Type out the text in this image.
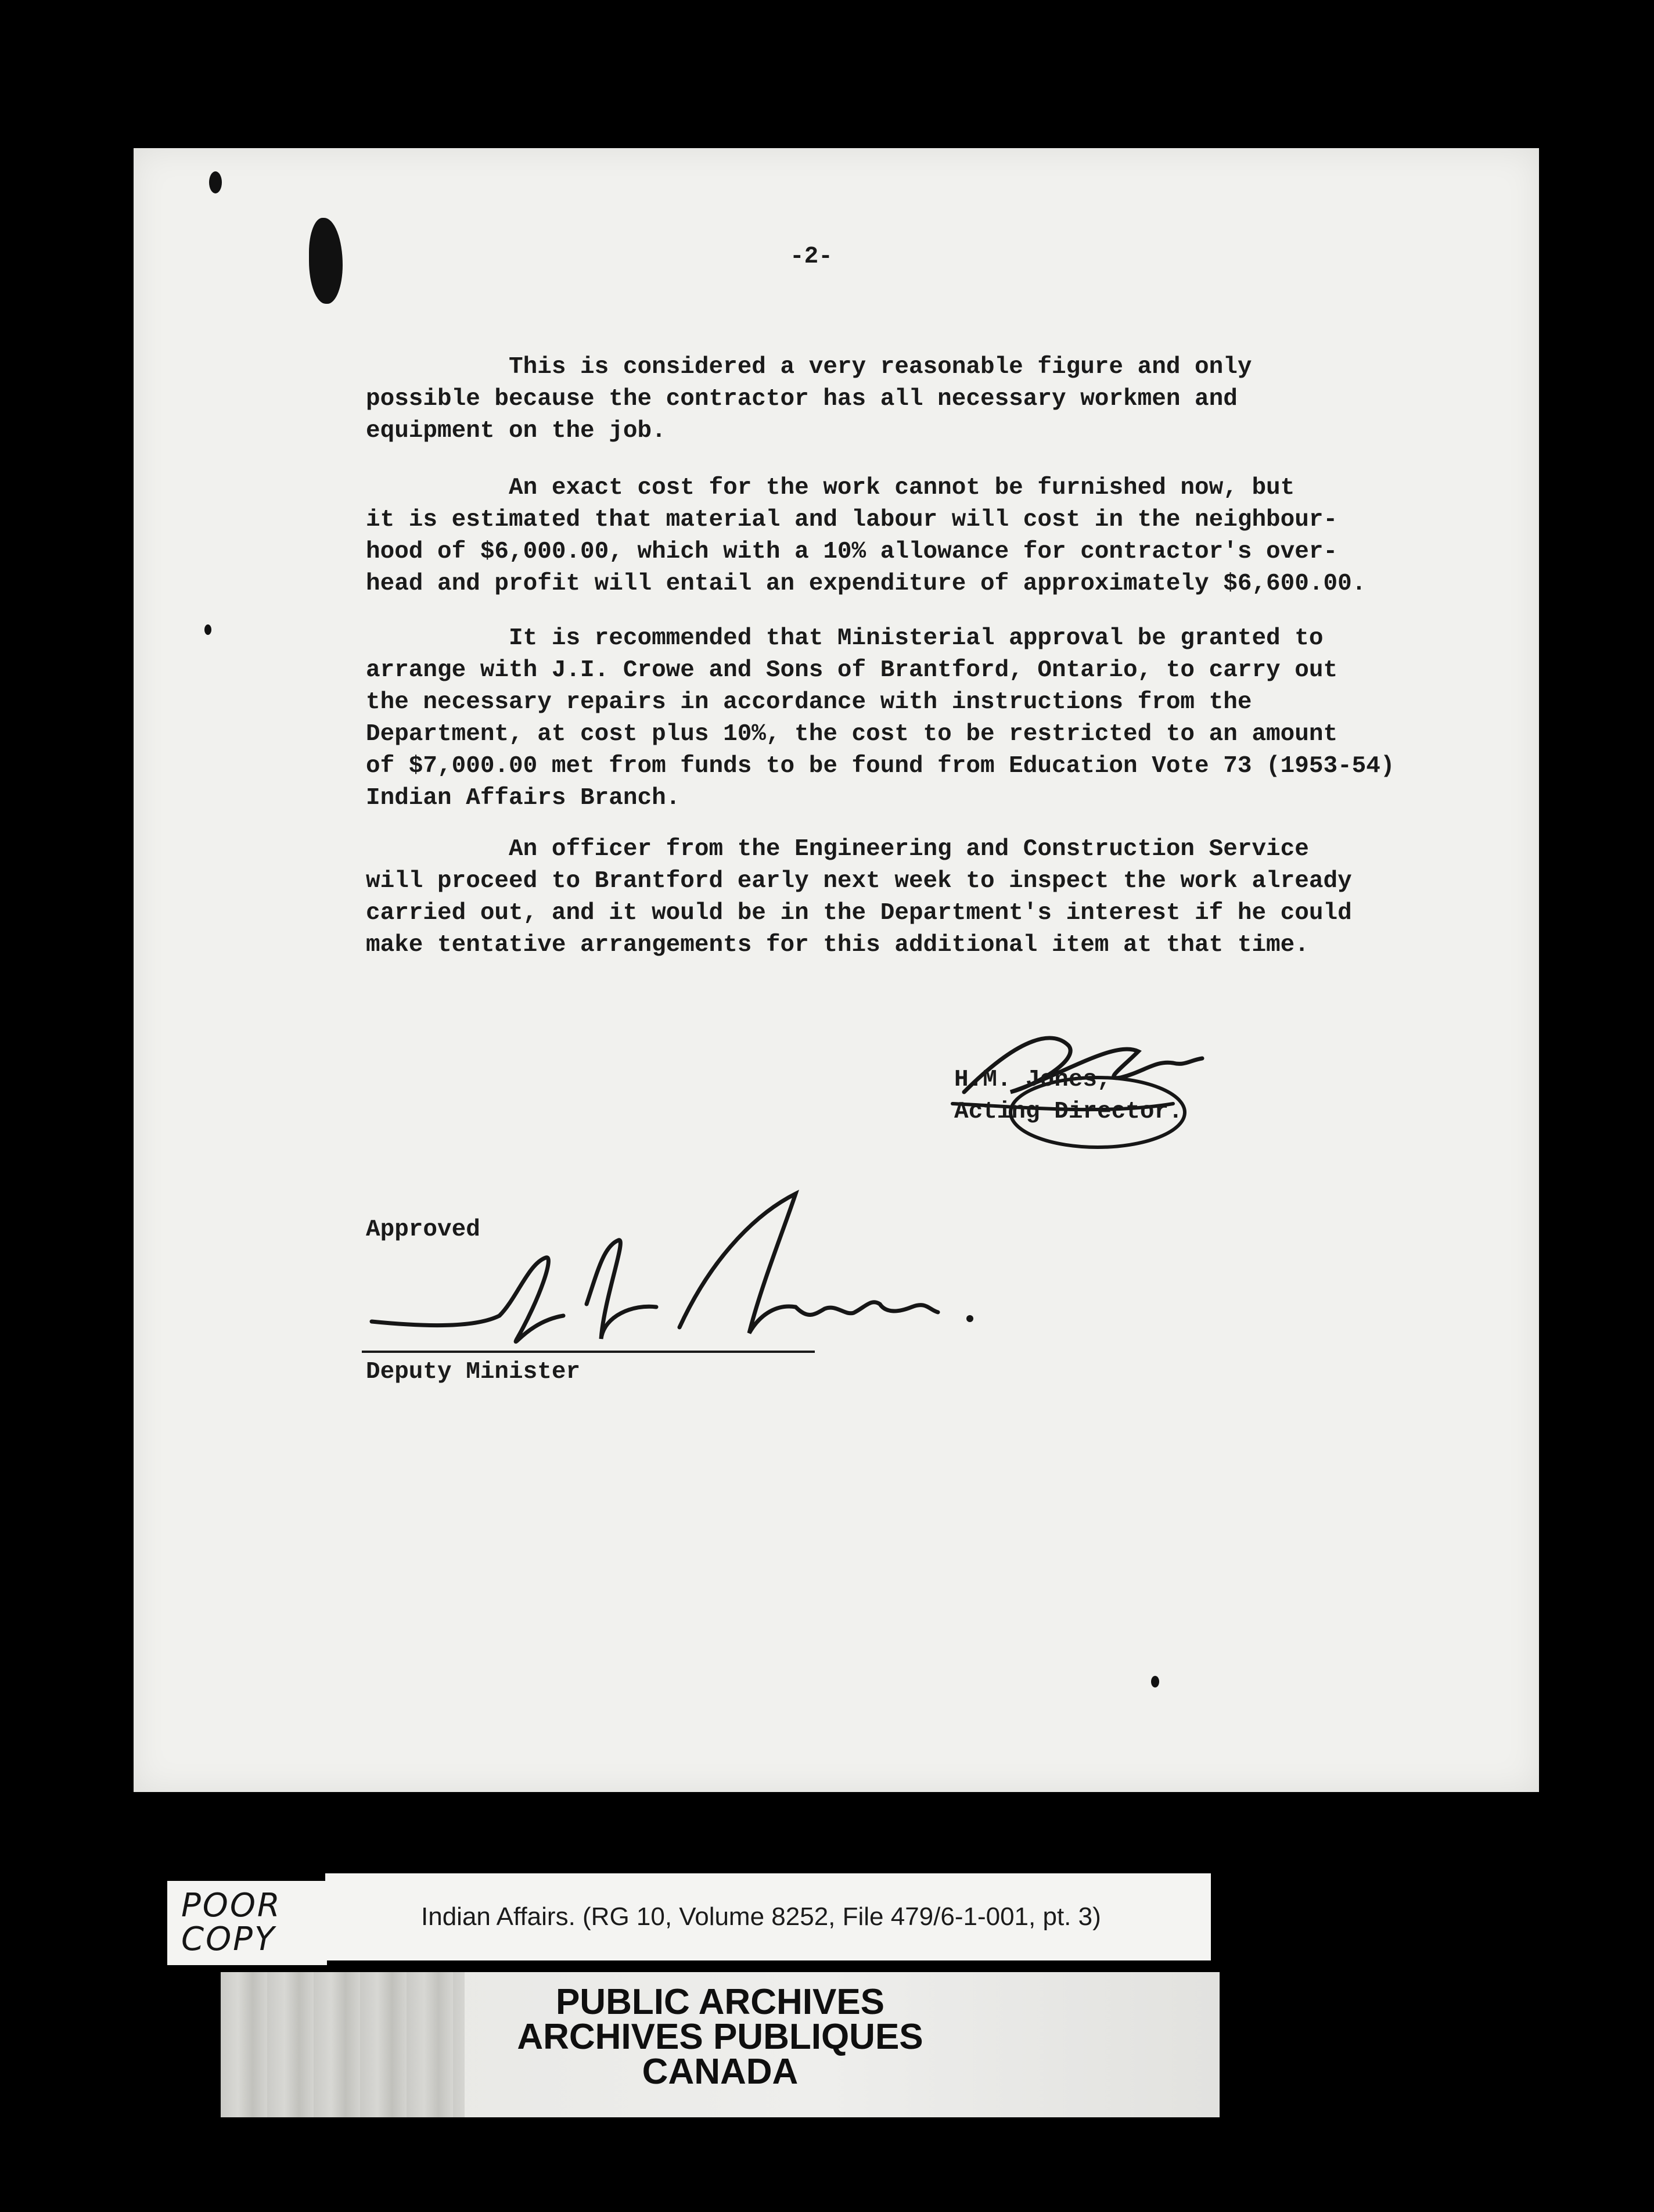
-2-

This is considered a very reasonable figure and only
possible because the contractor has all necessary workmen and
equipment on the job.

An exact cost for the work cannot be furnished now, but
it is estimated that material and labour will cost in the neighbour-
hood of $6,000.00, which with a 10% allowance for contractor's over-
head and profit will entail an expenditure of approximately $6,600.00.

It is recommended that Ministerial approval be granted to
arrange with J.I. Crowe and Sons of Brantford, Ontario, to carry out
the necessary repairs in accordance with instructions from the
Department, at cost plus 10%, the cost to be restricted to an amount
of $7,000.00 met from funds to be found from Education Vote 73 (1953-54)
Indian Affairs Branch.

An officer from the Engineering and Construction Service
will proceed to Brantford early next week to inspect the work already
carried out, and it would be in the Department's interest if he could
make tentative arrangements for this additional item at that time.

H.M. Jones,

Acting Director.

Approved

Deputy Minister

POOR
COPY
Indian Affairs. (RG 10, Volume 8252, File 479/6-1-001, pt. 3)
PUBLIC ARCHIVES
ARCHIVES PUBLIQUES
CANADA
